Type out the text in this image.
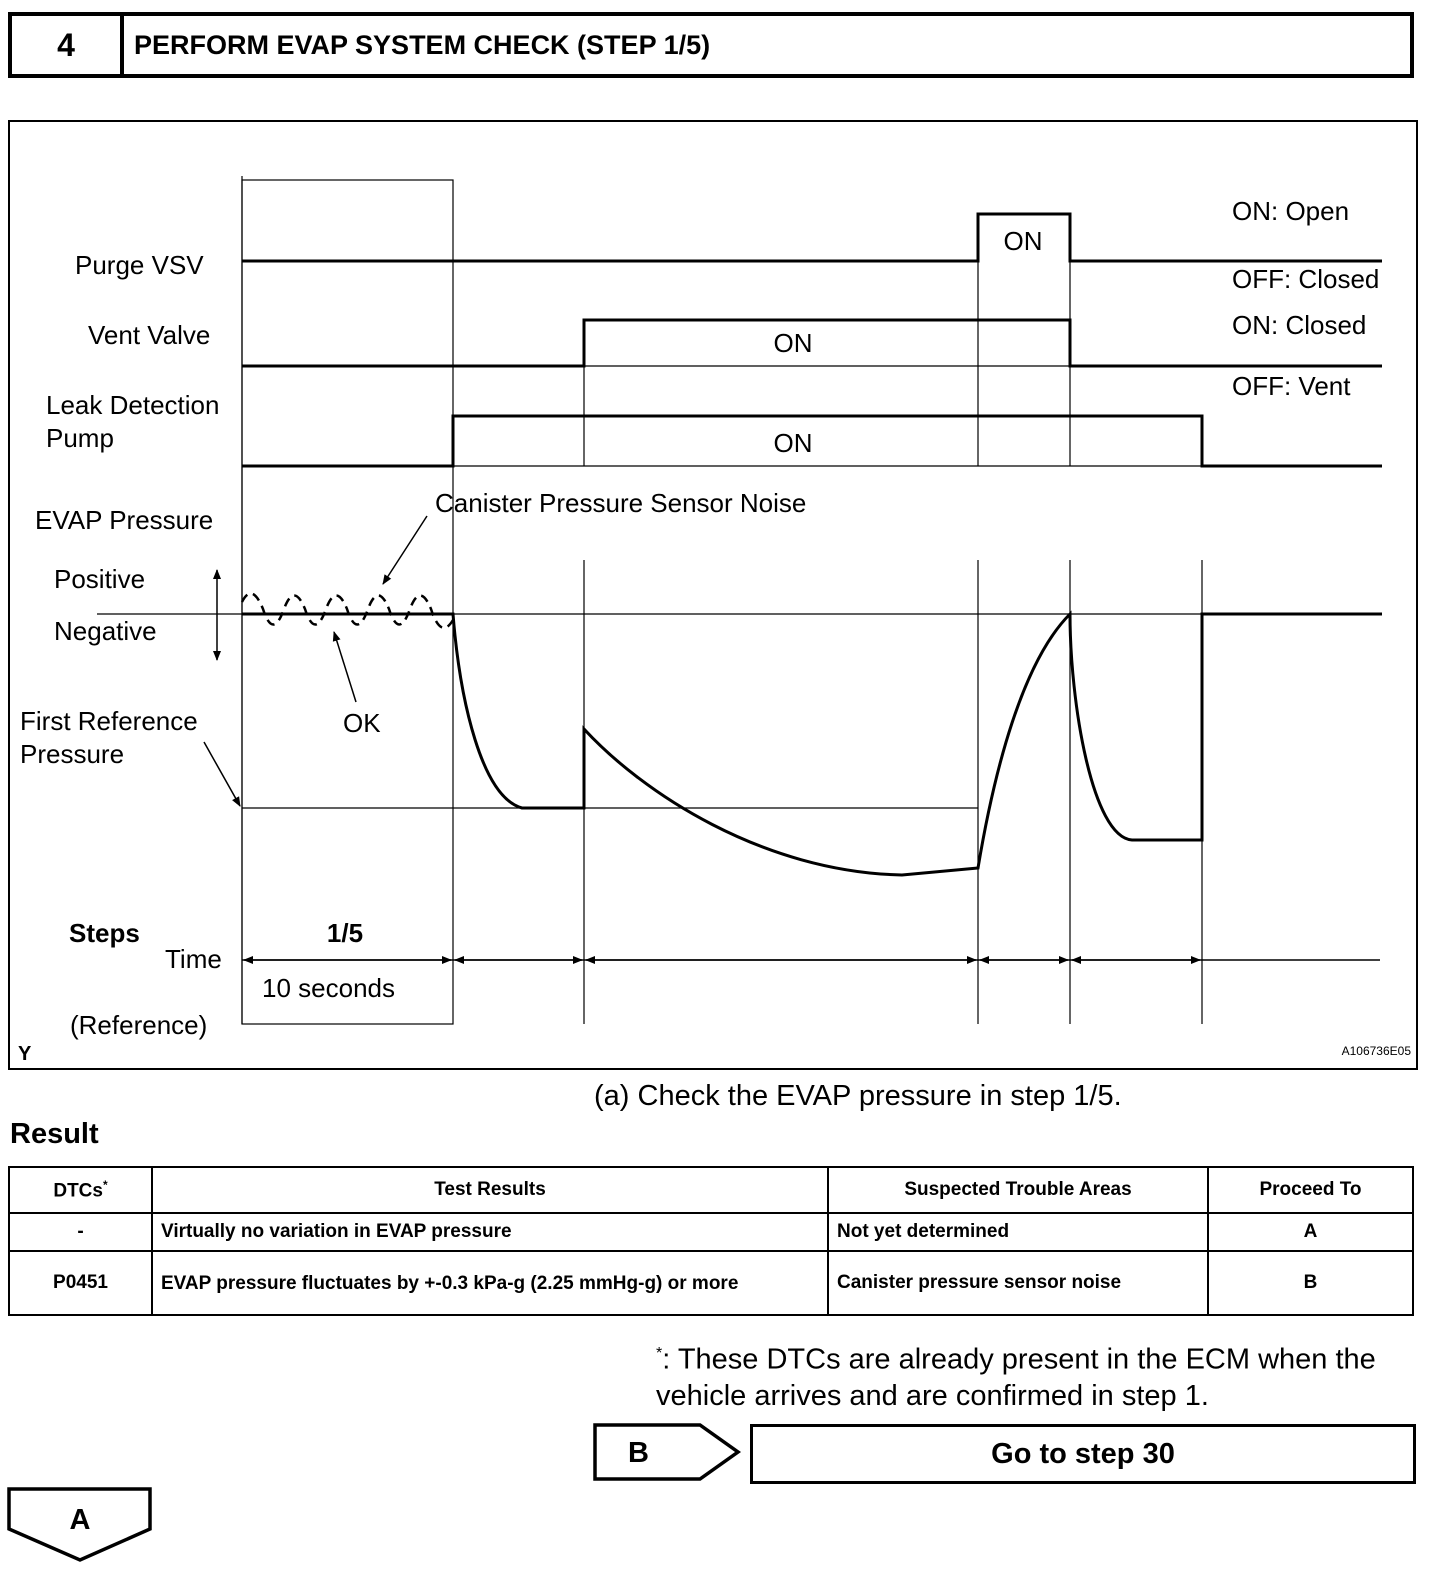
4	PERFORM EVAP SYSTEM CHECK (STEP 1/5)
Purge VSV
Vent Valve
Leak Detection
Pump
EVAP Pressure
Positive
Negative
First Reference
Pressure
Steps
Time
(Reference)
1/5
10 seconds
Canister Pressure Sensor Noise
OK
ON
ON
ON
ON: Open
OFF: Closed
ON: Closed
OFF: Vent
Y	A106736E05
(a) Check the EVAP pressure in step 1/5.
Result
DTCs*	Test Results	Suspected Trouble Areas	Proceed To
-	Virtually no variation in EVAP pressure	Not yet determined	A
P0451	EVAP pressure fluctuates by +-0.3 kPa-g (2.25 mmHg-g) or more	Canister pressure sensor noise	B
*: These DTCs are already present in the ECM when the vehicle arrives and are confirmed in step 1.
B	Go to step 30
A
